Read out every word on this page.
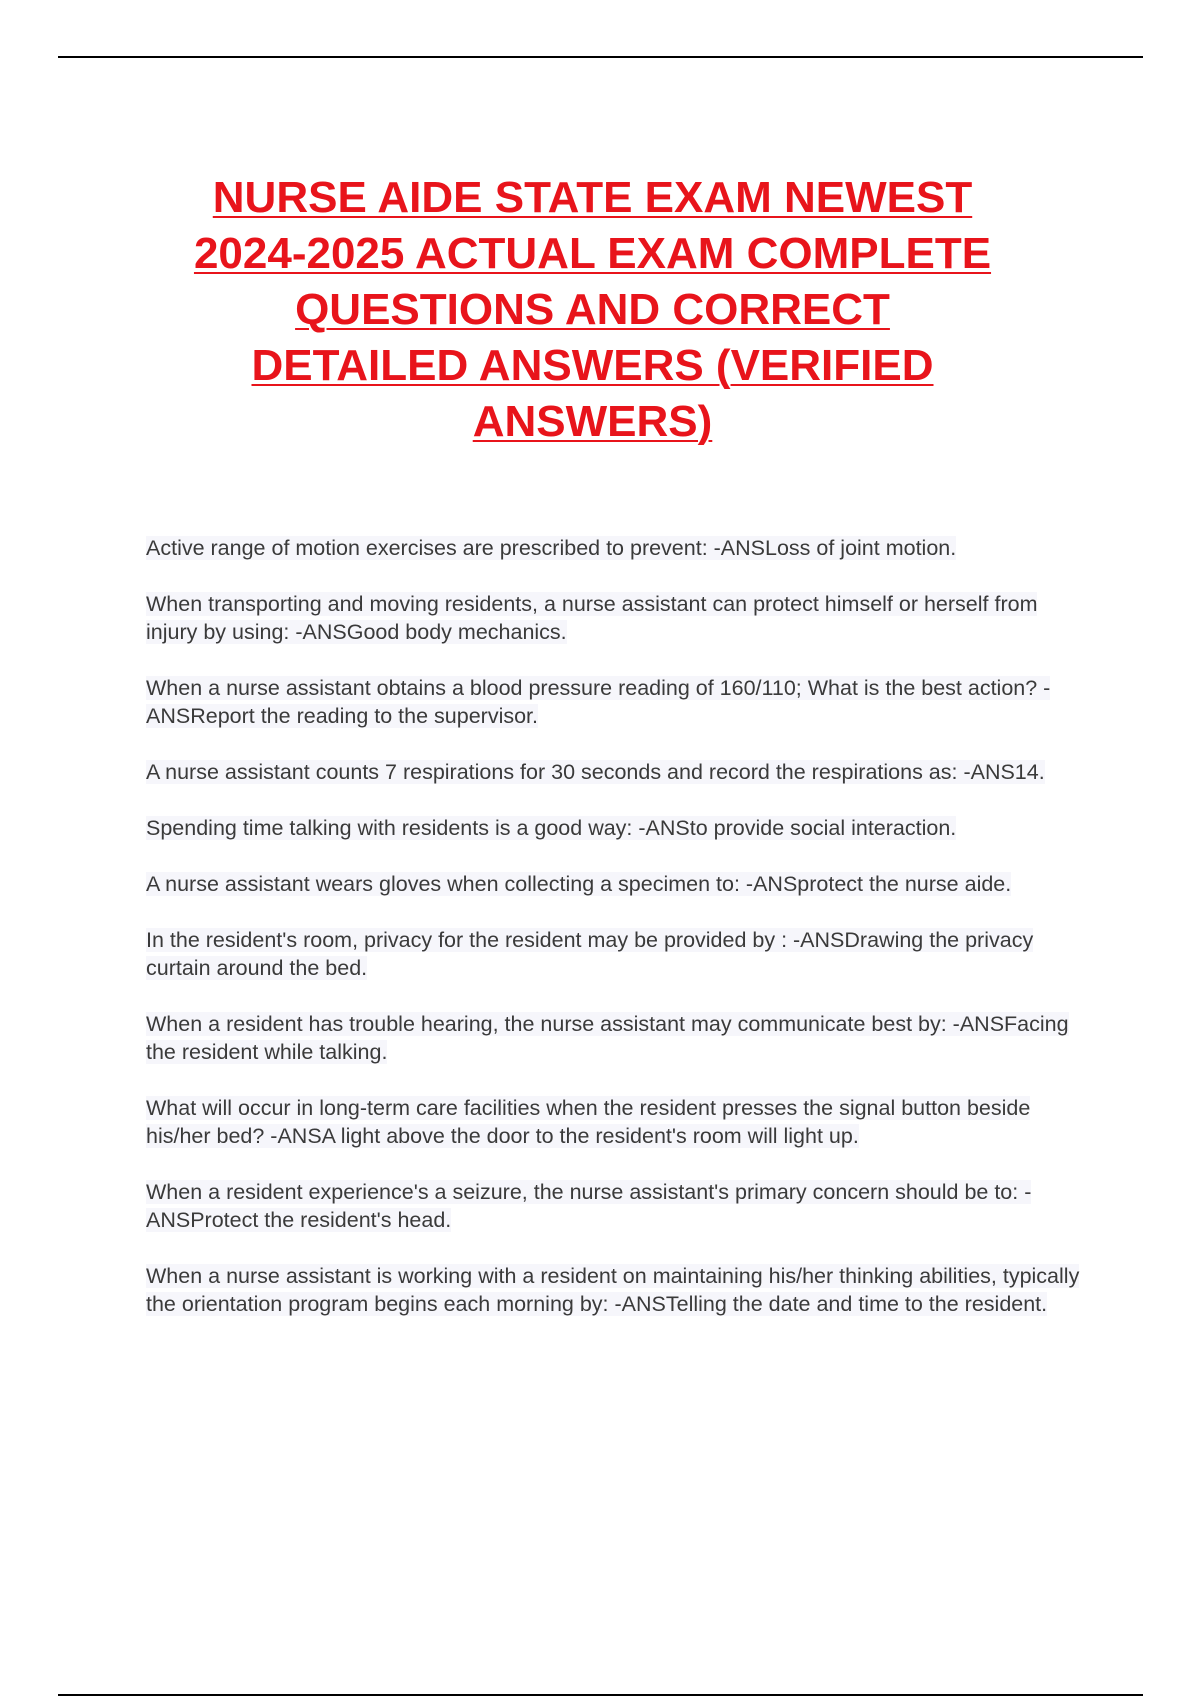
NURSE AIDE STATE EXAM NEWEST
2024-2025 ACTUAL EXAM COMPLETE
QUESTIONS AND CORRECT
DETAILED ANSWERS (VERIFIED
ANSWERS)

Active range of motion exercises are prescribed to prevent: -ANSLoss of joint motion.

When transporting and moving residents, a nurse assistant can protect himself or herself from injury by using: -ANSGood body mechanics.

When a nurse assistant obtains a blood pressure reading of 160/110; What is the best action? -ANSReport the reading to the supervisor.

A nurse assistant counts 7 respirations for 30 seconds and record the respirations as: -ANS14.

Spending time talking with residents is a good way: -ANSto provide social interaction.

A nurse assistant wears gloves when collecting a specimen to: -ANSprotect the nurse aide.

In the resident's room, privacy for the resident may be provided by : -ANSDrawing the privacy curtain around the bed.

When a resident has trouble hearing, the nurse assistant may communicate best by: -ANSFacing the resident while talking.

What will occur in long-term care facilities when the resident presses the signal button beside his/her bed? -ANSA light above the door to the resident's room will light up.

When a resident experience's a seizure, the nurse assistant's primary concern should be to: -ANSProtect the resident's head.

When a nurse assistant is working with a resident on maintaining his/her thinking abilities, typically the orientation program begins each morning by: -ANSTelling the date and time to the resident.
